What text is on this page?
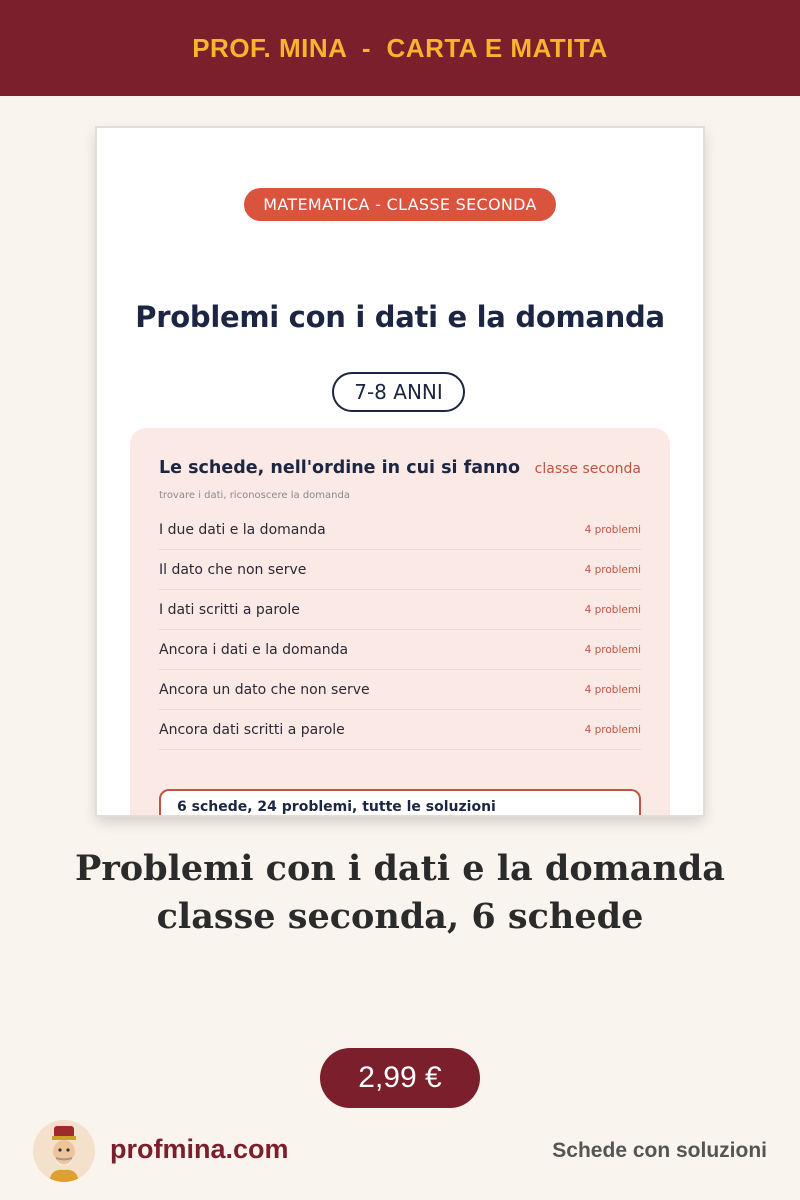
PROF. MINA  -  CARTA E MATITA
MATEMATICA - CLASSE SECONDA
Problemi con i dati e la domanda
7-8 ANNI
Le schede, nell'ordine in cui si fanno classe seconda
trovare i dati, riconoscere la domanda
I due dati e la domanda	4 problemi
Il dato che non serve	4 problemi
I dati scritti a parole	4 problemi
Ancora i dati e la domanda	4 problemi
Ancora un dato che non serve	4 problemi
Ancora dati scritti a parole	4 problemi
6 schede, 24 problemi, tutte le soluzioni
Problemi con i dati e la domanda
classe seconda, 6 schede
2,99 €
profmina.com	Schede con soluzioni
